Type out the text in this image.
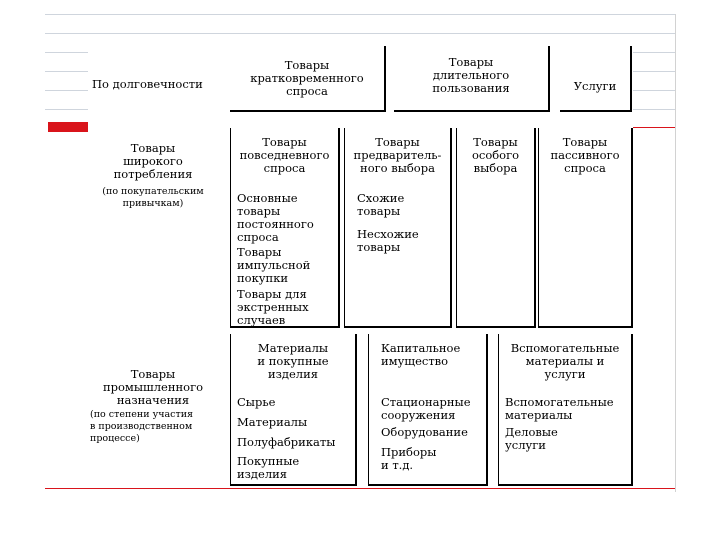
По долговечности
Товары
кратковременного
спроса
Товары
длительного
пользования	Услуги
Товары
широкого
потребления
(по покупательским
привычкам)
Товары
повседневного
спроса
Основные
товары
постоянного
спроса
Товары
импульсной
покупки
Товары для
экстренных
случаев
Товары
предваритель-
ного выбора
Схожие
товары
Несхожие
товары
Товары
особого
выбора
Товары
пассивного
спроса
Товары
промышленного
назначения
(по степени участия
в производственном
процессе)
Материалы
и покупные
изделия
Сырье
Материалы
Полуфабрикаты
Покупные
изделия
Капитальное
имущество
Стационарные
сооружения
Оборудование
Приборы
и т.д.
Вспомогательные
материалы и
услуги
Вспомогательные
материалы
Деловые
услуги
